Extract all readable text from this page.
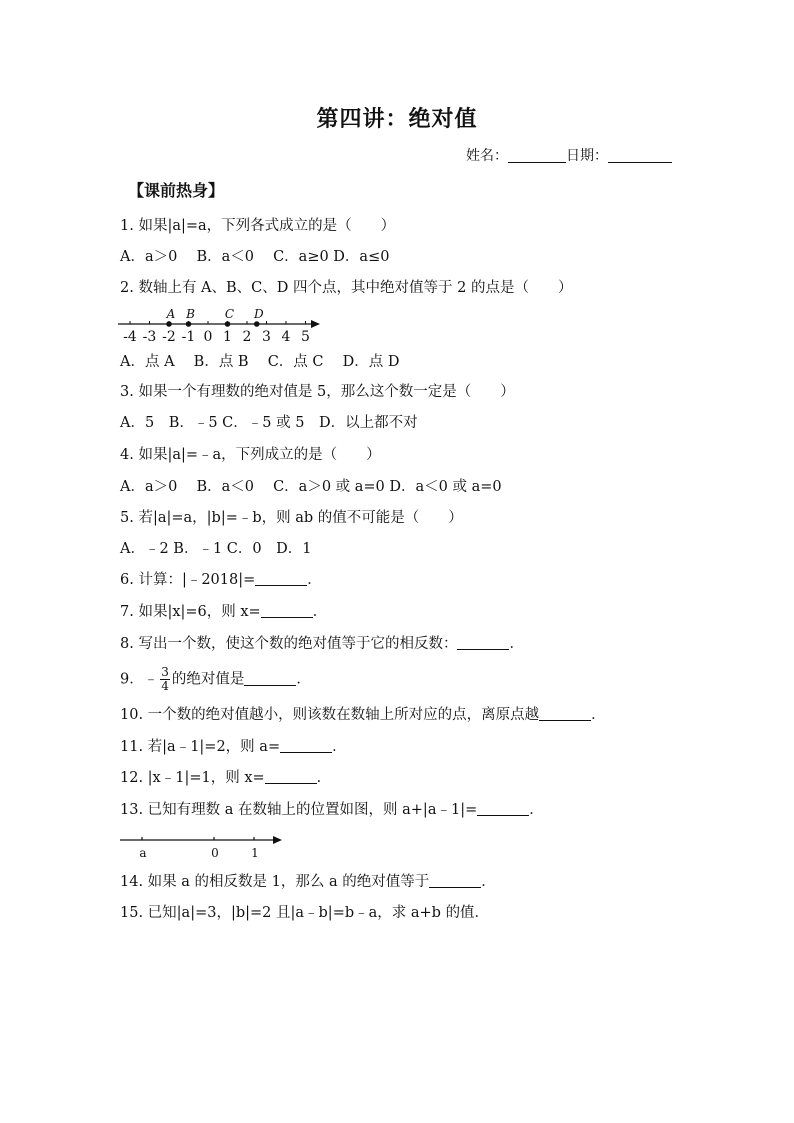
第四讲：绝对值
姓名：	日期：
【课前热身】
1. 如果|a|=a，下列各式成立的是（　　）
A．a＞0　 B．a＜0　 C．a≥0 D．a≤0
2. 数轴上有 A、B、C、D 四个点，其中绝对值等于 2 的点是（　　）
-4 -3 -2 -1 0 1 2 3 4 5
A B C D
A．点 A　 B．点 B　 C．点 C　 D．点 D
3. 如果一个有理数的绝对值是 5，那么这个数一定是（　　）
A．5　B．﹣5 C．﹣5 或 5　D．以上都不对
4. 如果|a|=﹣a，下列成立的是（　　）
A．a＞0　 B．a＜0　 C．a＞0 或 a=0 D．a＜0 或 a=0
5. 若|a|=a，|b|=﹣b，则 ab 的值不可能是（　　）
A．﹣2 B．﹣1 C．0　D．1
6. 计算：|﹣2018|=	．
7. 如果|x|=6，则 x=	．
8. 写出一个数，使这个数的绝对值等于它的相反数：	．
9．﹣ $\frac{3}{4}$ 的绝对值是	．
10. 一个数的绝对值越小，则该数在数轴上所对应的点，离原点越	．
11. 若|a﹣1|=2，则 a=	．
12. |x﹣1|=1，则 x=	．
13. 已知有理数 a 在数轴上的位置如图，则 a+|a﹣1|=	．
a	0	1
14. 如果 a 的相反数是 1，那么 a 的绝对值等于	．
15. 已知|a|=3，|b|=2 且|a﹣b|=b﹣a，求 a+b 的值．
